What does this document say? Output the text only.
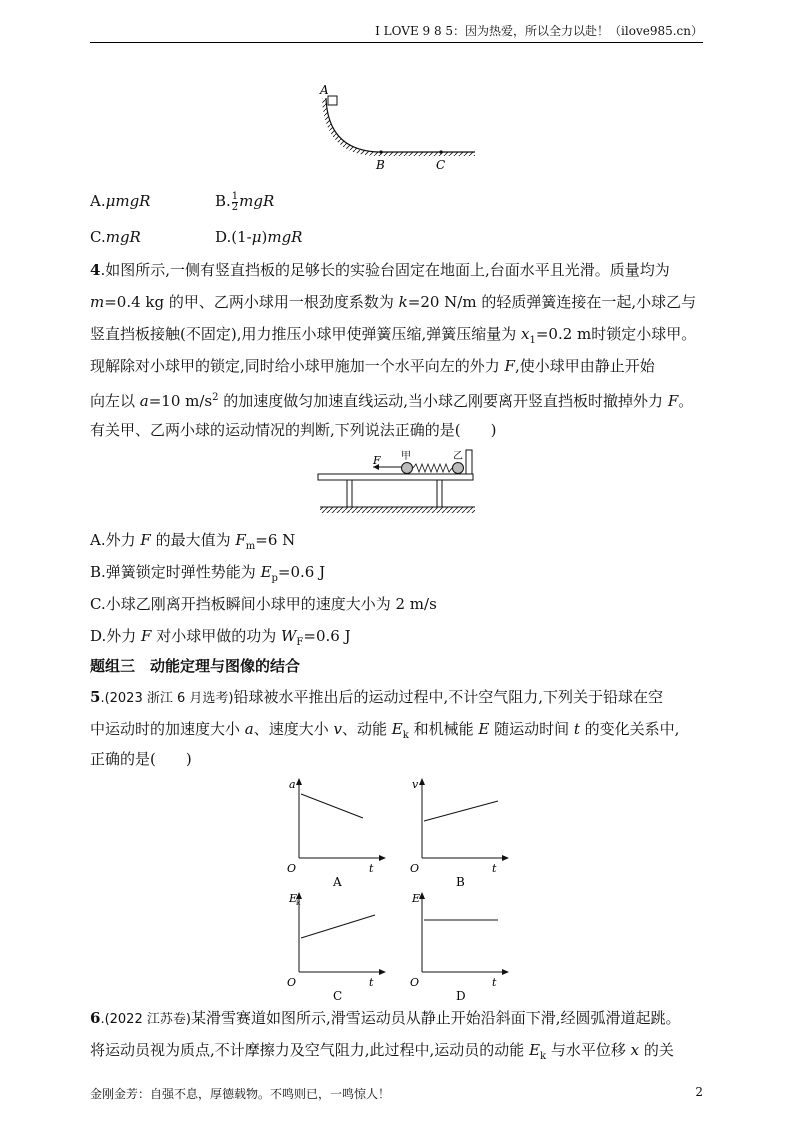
I LOVE 9 8 5：因为热爱，所以全力以赴！（ilove985.cn）
A
B	C
A.μmgR	B. $\frac{1}{2}$ mgR
C.mgR	D.(1-μ)mgR
4.如图所示,一侧有竖直挡板的足够长的实验台固定在地面上,台面水平且光滑。质量均为
m=0.4 kg 的甲、乙两小球用一根劲度系数为 k=20 N/m 的轻质弹簧连接在一起,小球乙与
竖直挡板接触(不固定),用力推压小球甲使弹簧压缩,弹簧压缩量为 $x_1=0.2$ m时锁定小球甲。
现解除对小球甲的锁定,同时给小球甲施加一个水平向左的外力 F,使小球甲由静止开始
向左以 a=10 $m/s^2$ 的加速度做匀加速直线运动,当小球乙刚要离开竖直挡板时撤掉外力 F。
有关甲、乙两小球的运动情况的判断,下列说法正确的是(　　)
F 甲	乙
A.外力 F 的最大值为 $F_m=6$ N
B.弹簧锁定时弹性势能为 $E_p=0.6$ J
C.小球乙刚离开挡板瞬间小球甲的速度大小为 2 m/s
D.外力 F 对小球甲做的功为 $W_F=0.6$ J
题组三　动能定理与图像的结合
5.(2023 浙江 6 月选考)铅球被水平推出后的运动过程中,不计空气阻力,下列关于铅球在空
中运动时的加速度大小 a、速度大小 v、动能 $E_k$ 和机械能 E 随运动时间 t 的变化关系中,
正确的是(　　)
a
O	t
A
v
O	t
B
E
k
O	t
C
E
O	t
D
6.(2022 江苏卷)某滑雪赛道如图所示,滑雪运动员从静止开始沿斜面下滑,经圆弧滑道起跳。
将运动员视为质点,不计摩擦力及空气阻力,此过程中,运动员的动能 $E_k$ 与水平位移 x 的关
金刚金芳：自强不息，厚德载物。不鸣则已，一鸣惊人！	2
